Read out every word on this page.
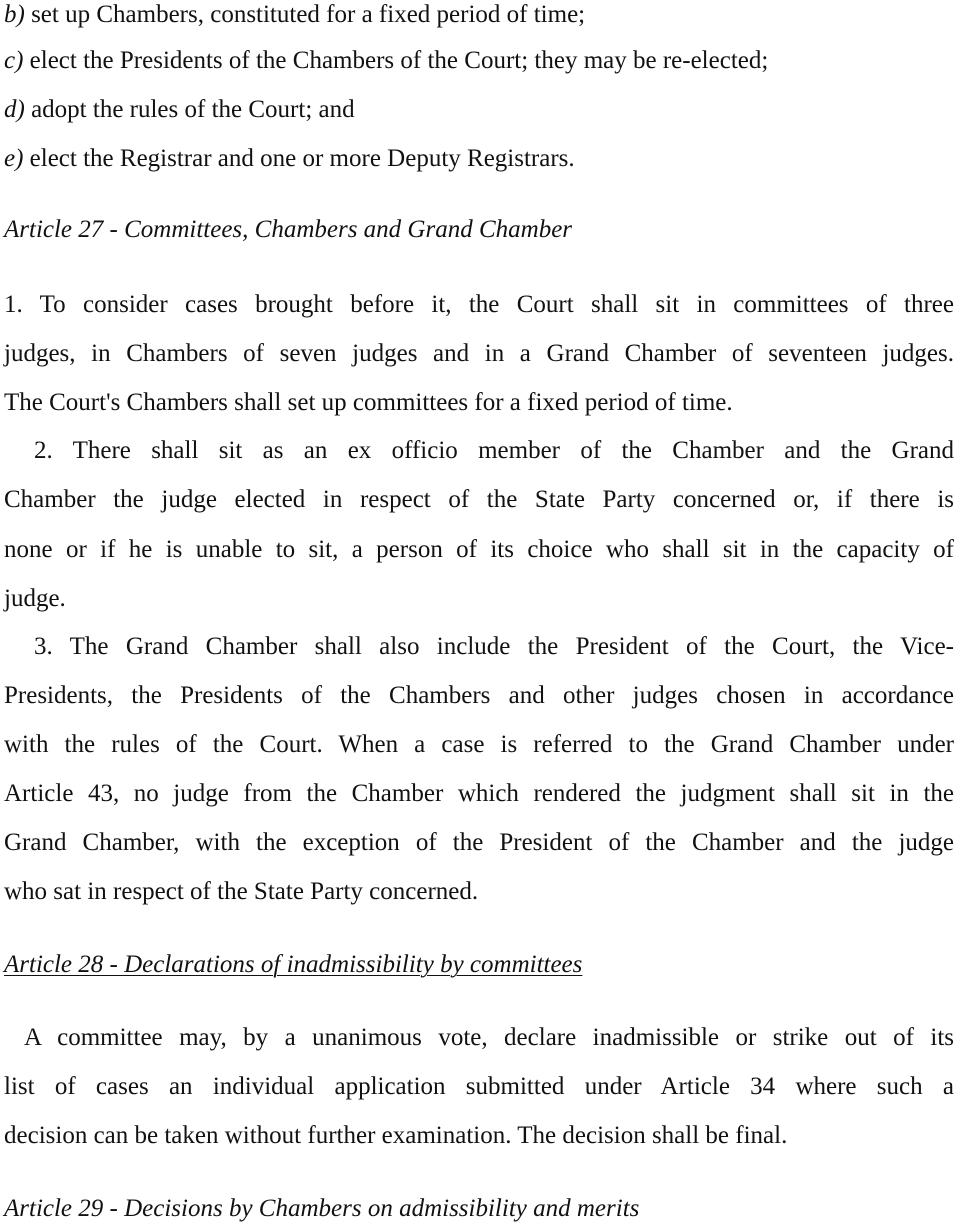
b) set up Chambers, constituted for a fixed period of time;
c) elect the Presidents of the Chambers of the Court; they may be re-elected;
d) adopt the rules of the Court; and
e) elect the Registrar and one or more Deputy Registrars.
Article 27 - Committees, Chambers and Grand Chamber
1. To consider cases brought before it, the Court shall sit in committees of three
judges, in Chambers of seven judges and in a Grand Chamber of seventeen judges.
The Court's Chambers shall set up committees for a fixed period of time.
2. There shall sit as an ex officio member of the Chamber and the Grand
Chamber the judge elected in respect of the State Party concerned or, if there is
none or if he is unable to sit, a person of its choice who shall sit in the capacity of
judge.
3. The Grand Chamber shall also include the President of the Court, the Vice-
Presidents, the Presidents of the Chambers and other judges chosen in accordance
with the rules of the Court. When a case is referred to the Grand Chamber under
Article 43, no judge from the Chamber which rendered the judgment shall sit in the
Grand Chamber, with the exception of the President of the Chamber and the judge
who sat in respect of the State Party concerned.
Article 28 - Declarations of inadmissibility by committees
A committee may, by a unanimous vote, declare inadmissible or strike out of its
list of cases an individual application submitted under Article 34 where such a
decision can be taken without further examination. The decision shall be final.
Article 29 - Decisions by Chambers on admissibility and merits
